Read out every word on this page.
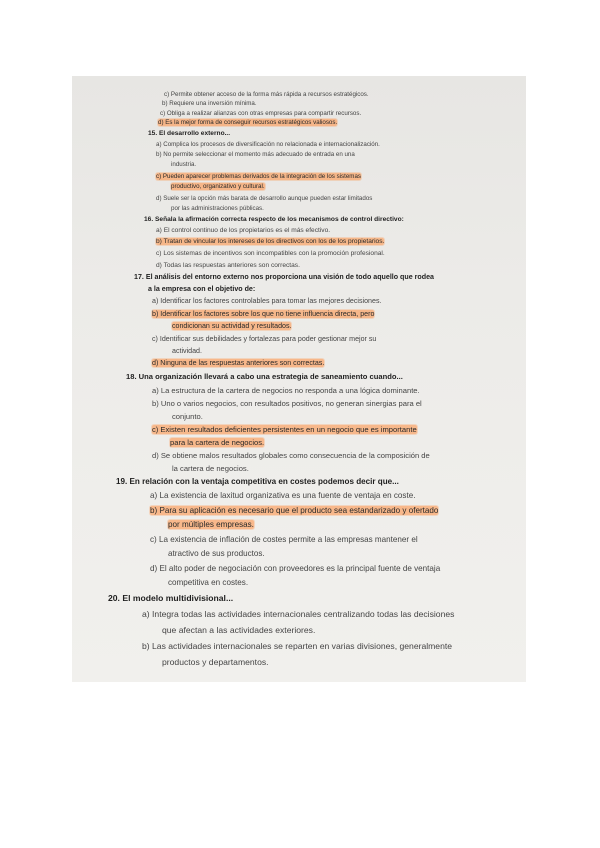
c) Permite obtener acceso de la forma más rápida a recursos estratégicos.
b) Requiere una inversión mínima.
c) Obliga a realizar alianzas con otras empresas para compartir recursos.
d) Es la mejor forma de conseguir recursos estratégicos valiosos.
15. El desarrollo externo...
a) Complica los procesos de diversificación no relacionada e internacionalización.
b) No permite seleccionar el momento más adecuado de entrada en una
industria.
c) Pueden aparecer problemas derivados de la integración de los sistemas
productivo, organizativo y cultural.
d) Suele ser la opción más barata de desarrollo aunque pueden estar limitados
por las administraciones públicas.
16. Señala la afirmación correcta respecto de los mecanismos de control directivo:
a) El control continuo de los propietarios es el más efectivo.
b) Tratan de vincular los intereses de los directivos con los de los propietarios.
c) Los sistemas de incentivos son incompatibles con la promoción profesional.
d) Todas las respuestas anteriores son correctas.
17. El análisis del entorno externo nos proporciona una visión de todo aquello que rodea
a la empresa con el objetivo de:
a) Identificar los factores controlables para tomar las mejores decisiones.
b) Identificar los factores sobre los que no tiene influencia directa, pero
condicionan su actividad y resultados.
c) Identificar sus debilidades y fortalezas para poder gestionar mejor su
actividad.
d) Ninguna de las respuestas anteriores son correctas.
18. Una organización llevará a cabo una estrategia de saneamiento cuando...
a) La estructura de la cartera de negocios no responda a una lógica dominante.
b) Uno o varios negocios, con resultados positivos, no generan sinergias para el
conjunto.
c) Existen resultados deficientes persistentes en un negocio que es importante
para la cartera de negocios.
d) Se obtiene malos resultados globales como consecuencia de la composición de
la cartera de negocios.
19. En relación con la ventaja competitiva en costes podemos decir que...
a) La existencia de laxitud organizativa es una fuente de ventaja en coste.
b) Para su aplicación es necesario que el producto sea estandarizado y ofertado
por múltiples empresas.
c) La existencia de inflación de costes permite a las empresas mantener el
atractivo de sus productos.
d) El alto poder de negociación con proveedores es la principal fuente de ventaja
competitiva en costes.
20. El modelo multidivisional...
a) Integra todas las actividades internacionales centralizando todas las decisiones
que afectan a las actividades exteriores.
b) Las actividades internacionales se reparten en varias divisiones, generalmente
productos y departamentos.
